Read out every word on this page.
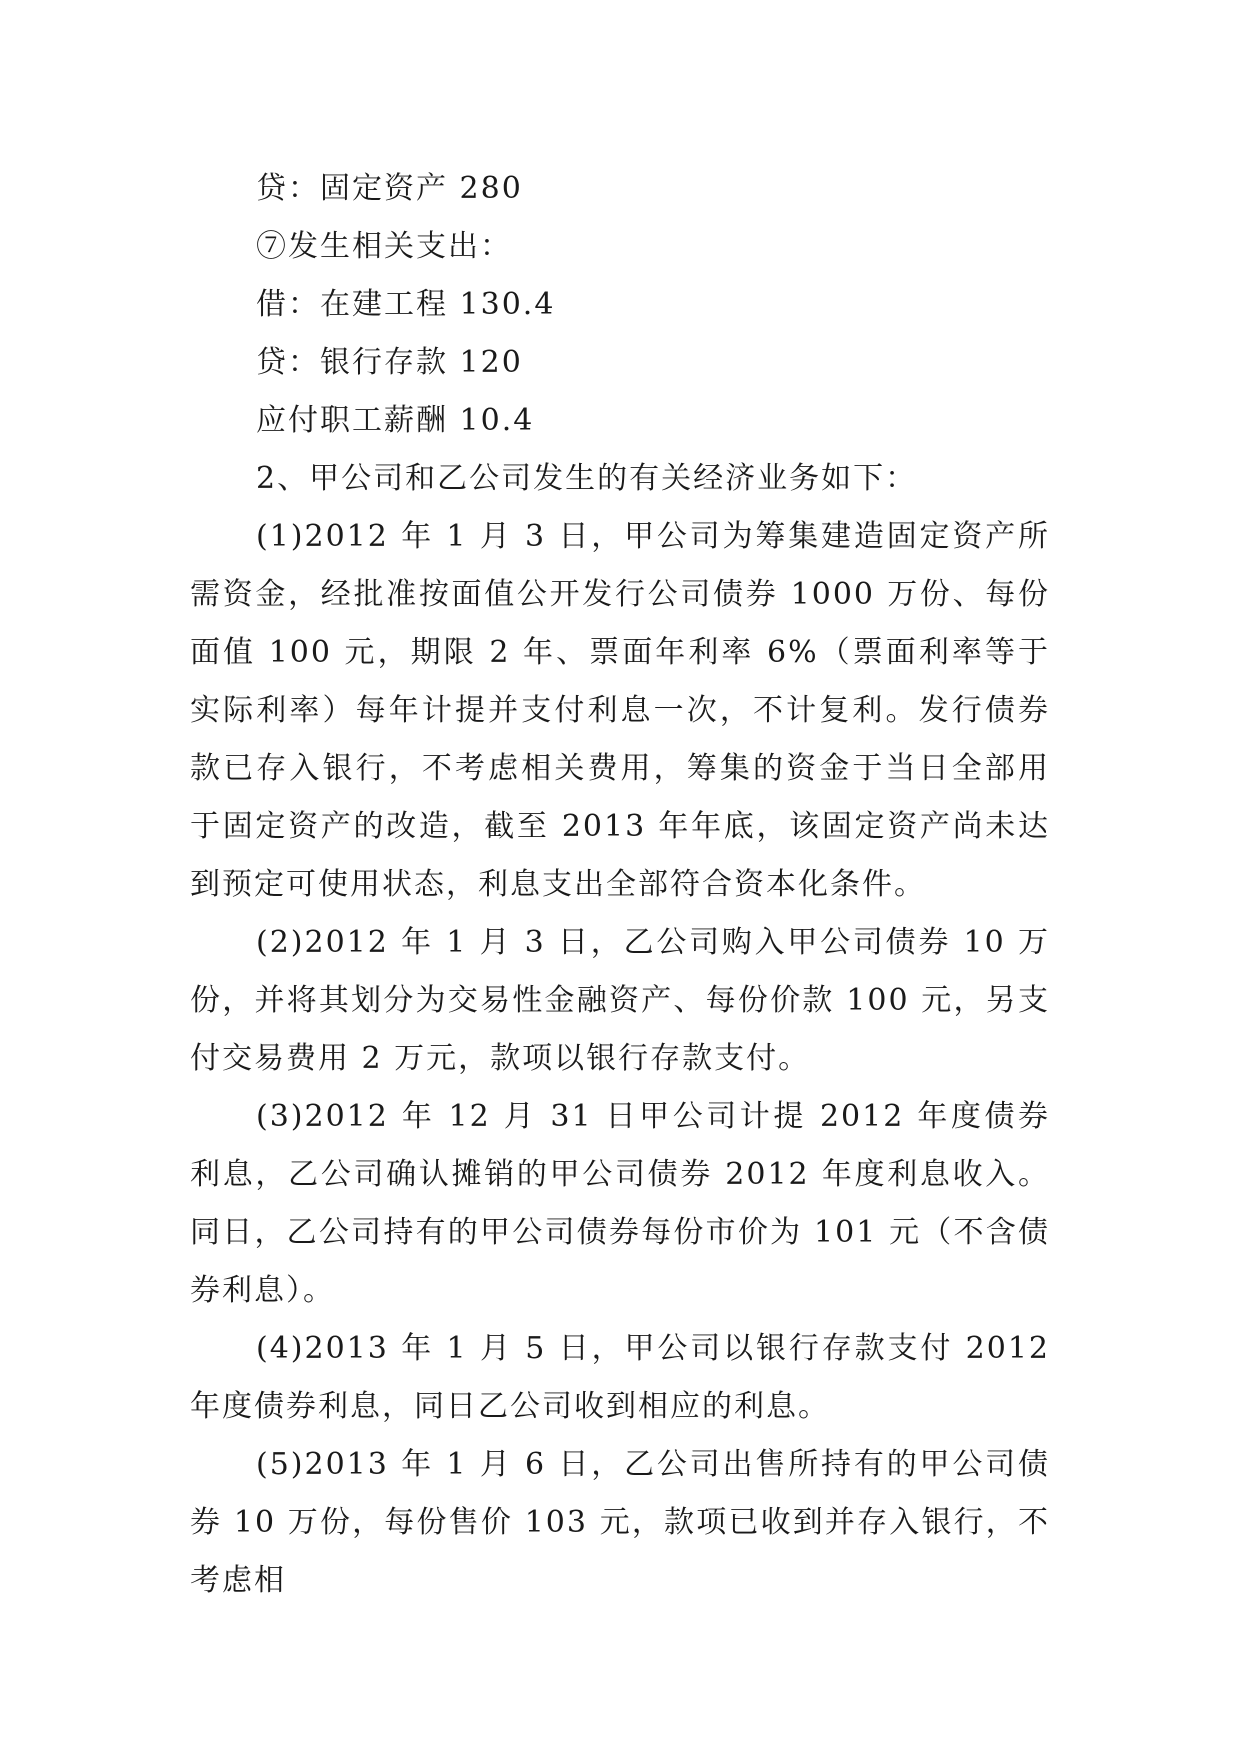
贷：固定资产 280
⑦发生相关支出：
借：在建工程 130.4
贷：银行存款 120
应付职工薪酬 10.4
2、甲公司和乙公司发生的有关经济业务如下：

(1)2012 年 1 月 3 日，甲公司为筹集建造固定资产所需资金，经批准按面值公开发行公司债券 1000 万份、每份面值 100 元，期限 2 年、票面年利率 6%（票面利率等于实际利率）每年计提并支付利息一次，不计复利。发行债券款已存入银行，不考虑相关费用，筹集的资金于当日全部用于固定资产的改造，截至 2013 年年底，该固定资产尚未达到预定可使用状态，利息支出全部符合资本化条件。

(2)2012 年 1 月 3 日，乙公司购入甲公司债券 10 万份，并将其划分为交易性金融资产、每份价款 100 元，另支付交易费用 2 万元，款项以银行存款支付。

(3)2012 年 12 月 31 日甲公司计提 2012 年度债券利息，乙公司确认摊销的甲公司债券 2012 年度利息收入。同日，乙公司持有的甲公司债券每份市价为 101 元（不含债券利息）。

(4)2013 年 1 月 5 日，甲公司以银行存款支付 2012 年度债券利息，同日乙公司收到相应的利息。

(5)2013 年 1 月 6 日，乙公司出售所持有的甲公司债券 10 万份，每份售价 103 元，款项已收到并存入银行，不考虑相
